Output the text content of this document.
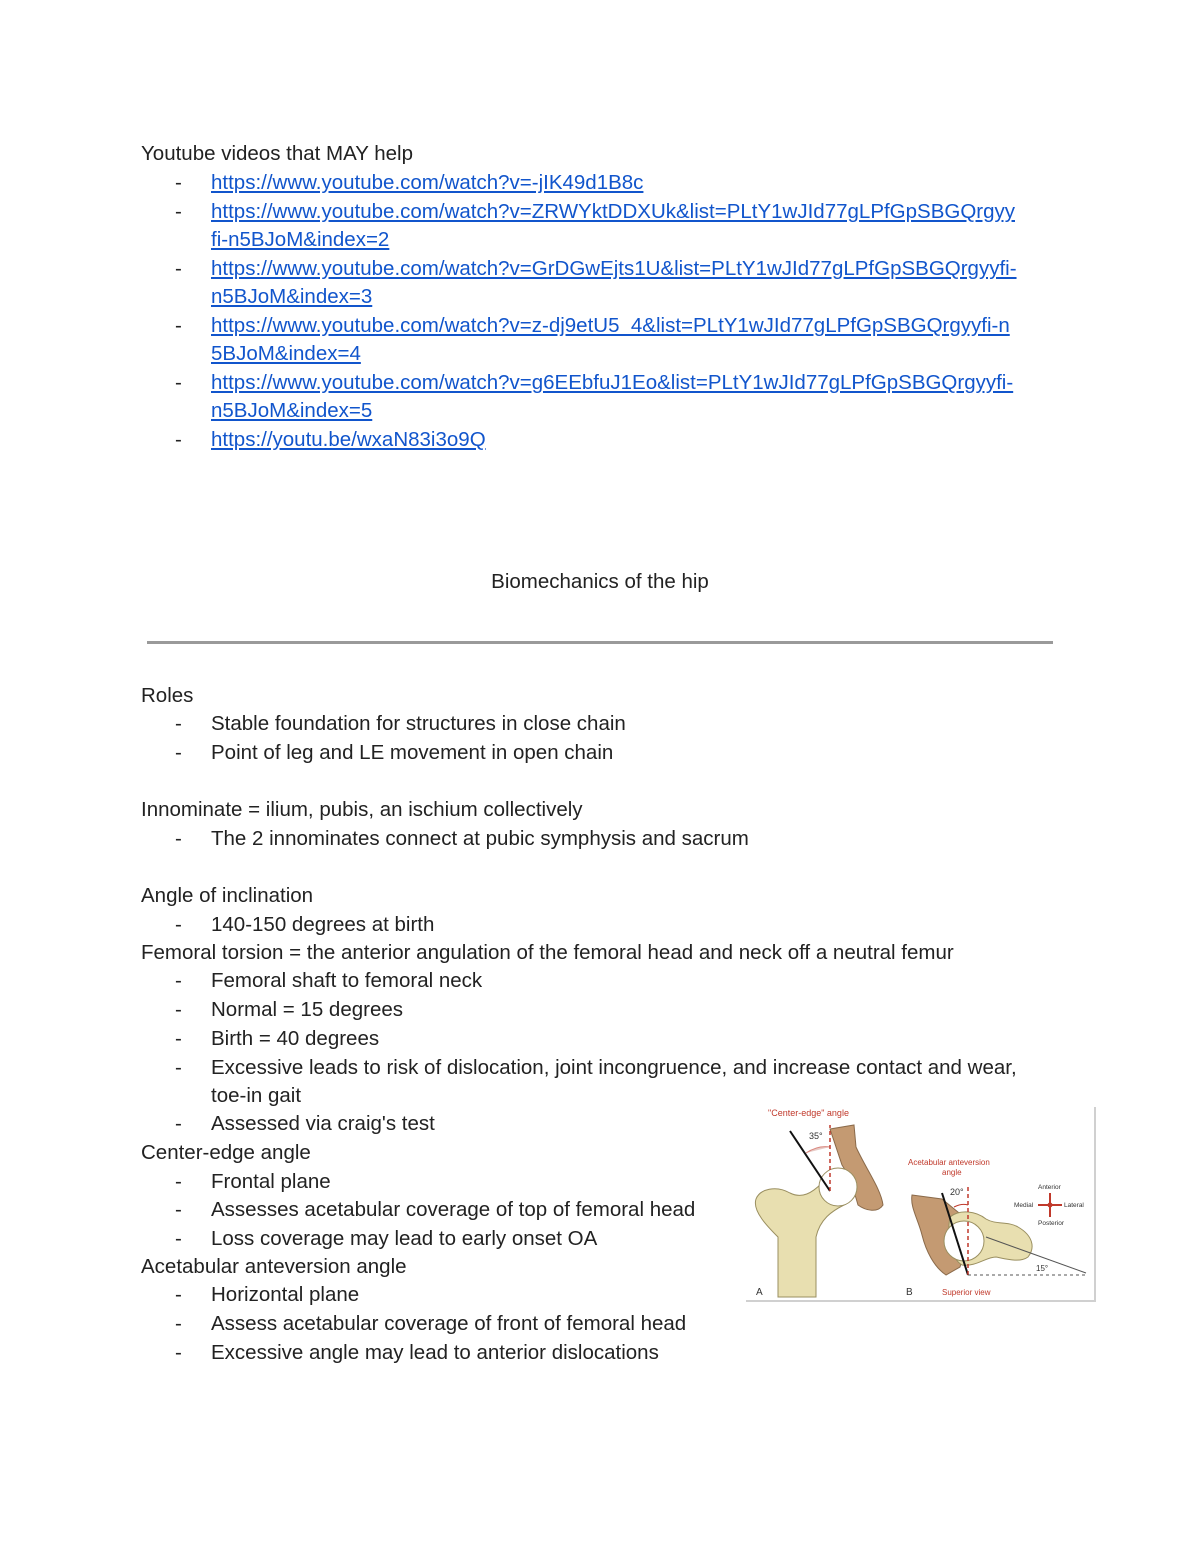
Youtube videos that MAY help
- https://www.youtube.com/watch?v=-jIK49d1B8c
- https://www.youtube.com/watch?v=ZRWYktDDXUk&list=PLtY1wJId77gLPfGpSBGQrgyy
fi-n5BJoM&index=2
- https://www.youtube.com/watch?v=GrDGwEjts1U&list=PLtY1wJId77gLPfGpSBGQrgyyfi-
n5BJoM&index=3
- https://www.youtube.com/watch?v=z-dj9etU5_4&list=PLtY1wJId77gLPfGpSBGQrgyyfi-n
5BJoM&index=4
- https://www.youtube.com/watch?v=g6EEbfuJ1Eo&list=PLtY1wJId77gLPfGpSBGQrgyyfi-
n5BJoM&index=5
- https://youtu.be/wxaN83i3o9Q
Biomechanics of the hip
Roles
- Stable foundation for structures in close chain
- Point of leg and LE movement in open chain
Innominate = ilium, pubis, an ischium collectively
- The 2 innominates connect at pubic symphysis and sacrum
Angle of inclination
- 140-150 degrees at birth
Femoral torsion = the anterior angulation of the femoral head and neck off a neutral femur
- Femoral shaft to femoral neck
- Normal = 15 degrees
- Birth = 40 degrees
- Excessive leads to risk of dislocation, joint incongruence, and increase contact and wear,
toe-in gait
- Assessed via craig's test
Center-edge angle
- Frontal plane
- Assesses acetabular coverage of top of femoral head
- Loss coverage may lead to early onset OA
Acetabular anteversion angle
- Horizontal plane
- Assess acetabular coverage of front of femoral head
- Excessive angle may lead to anterior dislocations
"Center-edge" angle
35°
A
Acetabular anteversion
angle
20°
15°
B	Superior view
Anterior
Posterior
Medial	Lateral
